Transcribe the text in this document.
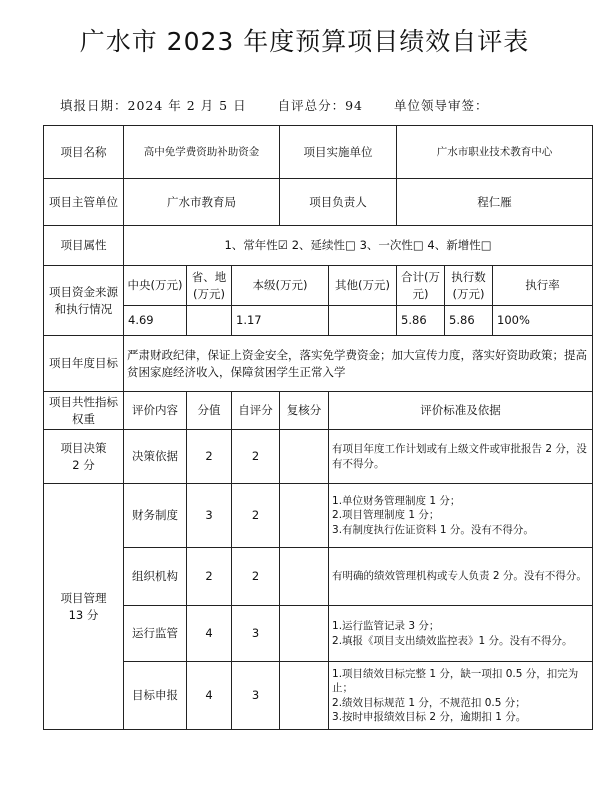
广水市 2023 年度预算项目绩效自评表
填报日期：2024 年 2 月 5 日 自评总分：94 单位领导审签：
项目名称	高中免学费资助补助资金			项目实施单位		广水市职业技术教育中心		
项目主管单位	广水市教育局			项目负责人		程仁雁		
项目属性	1、常年性☑ 2、延续性□ 3、一次性□ 4、新增性□							
项目资金来源和执行情况	中央(万元)	省、地(万元)	本级(万元)		其他(万元)	合计(万元)	执行数(万元)	执行率
	4.69		1.17			5.86	5.86	100%
项目年度目标	严肃财政纪律，保证上资金安全，落实免学费资金；加大宣传力度，落实好资助政策；提高贫困家庭经济收入，保障贫困学生正常入学							
项目共性指标权重	评价内容	分值	自评分	复核分	评价标准及依据			
项目决策
2 分	决策依据	2	2		有项目年度工作计划或有上级文件或审批报告 2 分，没有不得分。			
项目管理
13 分	财务制度	3	2		1.单位财务管理制度 1 分；
2.项目管理制度 1 分；
3.有制度执行佐证资料 1 分。没有不得分。			
	组织机构	2	2		有明确的绩效管理机构或专人负责 2 分。没有不得分。			
	运行监管	4	3		1.运行监管记录 3 分；
2.填报《项目支出绩效监控表》1 分。没有不得分。			
	目标申报	4	3		1.项目绩效目标完整 1 分，缺一项扣 0.5 分，扣完为止；
2.绩效目标规范 1 分，不规范扣 0.5 分；
3.按时申报绩效目标 2 分，逾期扣 1 分。			
